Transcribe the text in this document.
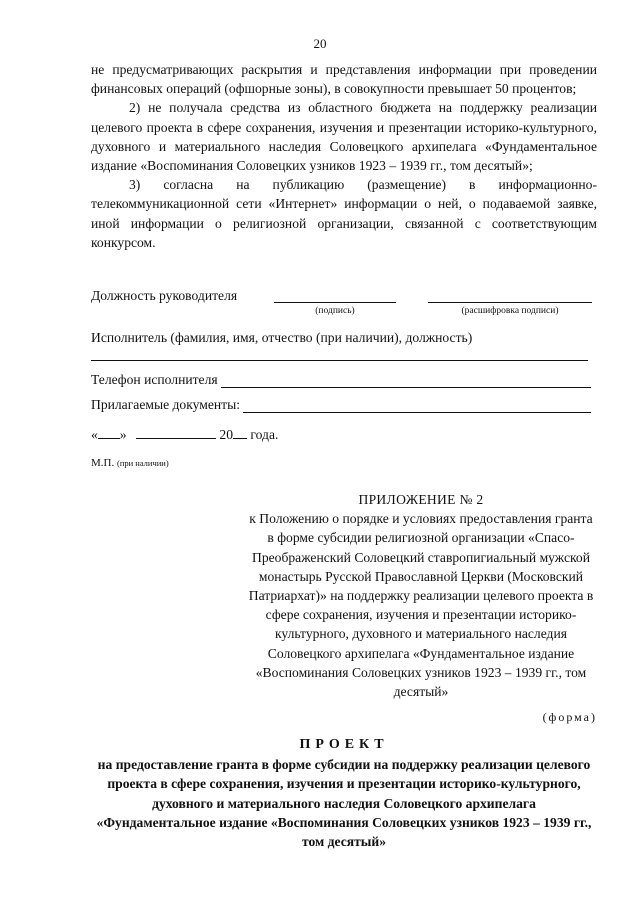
20

не предусматривающих раскрытия и представления информации при проведении финансовых операций (офшорные зоны), в совокупности превышает 50 процентов;

2) не получала средства из областного бюджета на поддержку реализации целевого проекта в сфере сохранения, изучения и презентации историко-культурного, духовного и материального наследия Соловецкого архипелага «Фундаментальное издание «Воспоминания Соловецких узников 1923 – 1939 гг., том десятый»;

3) согласна на публикацию (размещение) в информационно-телекоммуникационной сети «Интернет» информации о ней, о подаваемой заявке, иной информации о религиозной организации, связанной с соответствующим конкурсом.

Должность руководителя
(подпись)	(расшифровка подписи)
Исполнитель (фамилия, имя, отчество (при наличии), должность)
Телефон исполнителя
Прилагаемые документы:
« »	20 года.
М.П. (при наличии)
ПРИЛОЖЕНИЕ № 2
к Положению о порядке и условиях предоставления гранта в форме субсидии религиозной организации «Спасо-Преображенский Соловецкий ставропигиальный мужской монастырь Русской Православной Церкви (Московский Патриархат)» на поддержку реализации целевого проекта в сфере сохранения, изучения и презентации историко-культурного, духовного и материального наследия Соловецкого архипелага «Фундаментальное издание «Воспоминания Соловецких узников 1923 – 1939 гг., том десятый»
(форма)
ПРОЕКТ
на предоставление гранта в форме субсидии на поддержку реализации целевого проекта в сфере сохранения, изучения и презентации историко-культурного, духовного и материального наследия Соловецкого архипелага «Фундаментальное издание «Воспоминания Соловецких узников 1923 – 1939 гг., том десятый»
